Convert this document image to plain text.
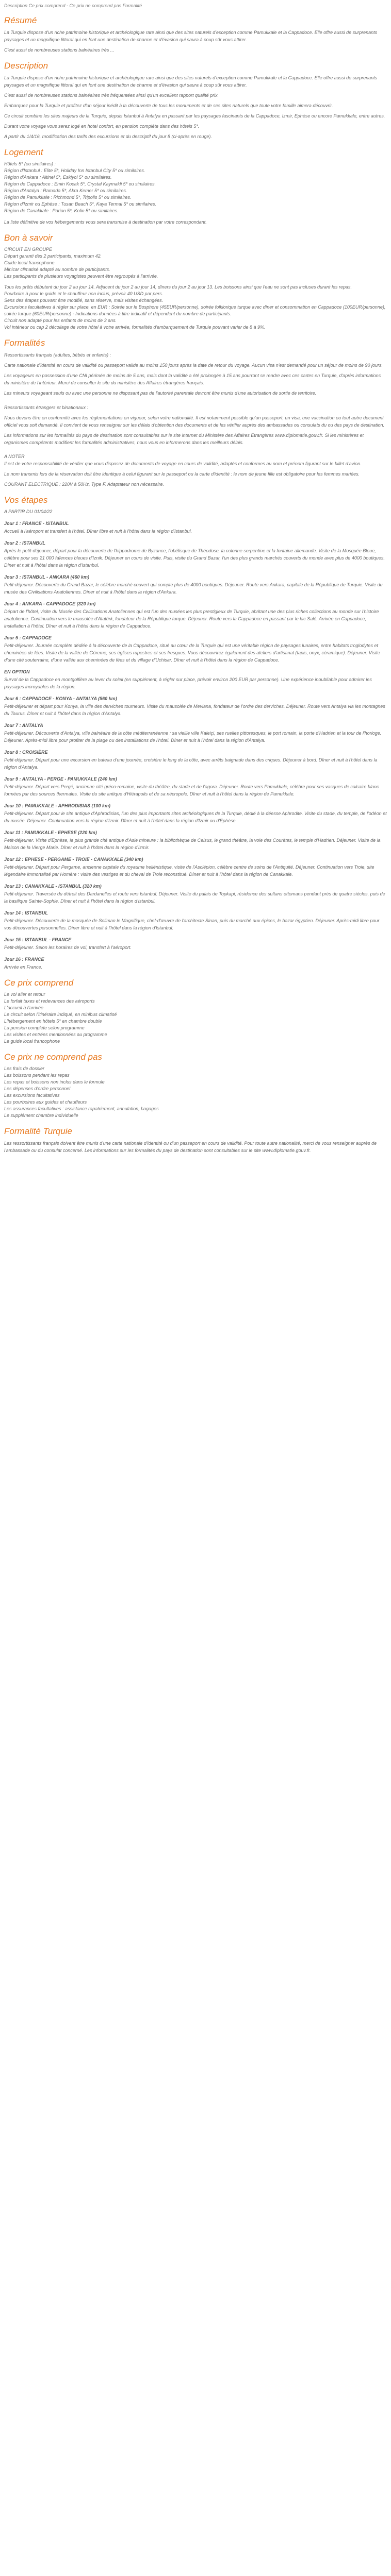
Description Ce prix comprend - Ce prix ne comprend pas Formalité
Résumé

La Turquie dispose d'un riche patrimoine historique et archéologique rare ainsi que des sites naturels d'exception comme Pamukkale et la Cappadoce. Elle offre aussi de surprenants paysages et un magnifique littoral qui en font une destination de charme et d'évasion qui saura à coup sûr vous attirer.

C'est aussi de nombreuses stations balnéaires très ...

Description

La Turquie dispose d'un riche patrimoine historique et archéologique rare ainsi que des sites naturels d'exception comme Pamukkale et la Cappadoce. Elle offre aussi de surprenants paysages et un magnifique littoral qui en font une destination de charme et d'évasion qui saura à coup sûr vous attirer.

C'est aussi de nombreuses stations balnéaires très fréquentées ainsi qu'un excellent rapport qualité prix.

Embarquez pour la Turquie et profitez d'un séjour inédit à la découverte de tous les monuments et de ses sites naturels que toute votre famille aimera découvrir.

Ce circuit combine les sites majeurs de la Turquie, depuis Istanbul à Antalya en passant par les paysages fascinants de la Cappadoce, Izmir, Ephèse ou encore Pamukkale, entre autres.

Durant votre voyage vous serez logé en hotel confort, en pension complète dans des hôtels 5*.

A partir du 1/4/16, modification des tarifs des excursions et du descriptif du jour 8 (ci-après en rouge).

Logement

Hôtels 5* (ou similaires) :

Région d'Istanbul : Elite 5*, Holiday Inn Istanbul City 5* ou similaires.

Région d'Ankara : Altinel 5*, Eskiyol 5* ou similaires.

Région de Cappadoce : Emin Kocak 5*, Crystal Kaymakli 5* ou similaires.

Région d'Antalya : Ramada 5*, Akra Kemer 5* ou similaires.

Région de Pamukkale : Richmond 5*, Tripolis 5* ou similaires.

Région d'Izmir ou Ephèse : Tusan Beach 5*, Kaya Termal 5* ou similaires.

Région de Canakkale : Parion 5*, Kolin 5* ou similaires.

La liste définitive de vos hébergements vous sera transmise à destination par votre correspondant.

Bon à savoir

CIRCUIT EN GROUPE

Départ garanti dès 2 participants, maximum 42.

Guide local francophone.

Minicar climatisé adapté au nombre de participants.

Les participants de plusieurs voyagistes peuvent être regroupés à l'arrivée.

Tous les prêts débutent du jour 2 au jour 14. Adjacent du jour 2 au jour 14, dîners du jour 2 au jour 13. Les boissons ainsi que l'eau ne sont pas incluses durant les repas.

Pourboire à pour le guide et le chauffeur non inclus, prévoir 40 USD par pers.

Sens des étapes pouvant être modifié, sans réserve, mais visites échangées.

Excursions facultatives à régler sur place, en EUR : Soirée sur le Bosphore (45EUR/personne), soirée folklorique turque avec dîner et consommation en Cappadoce (100EUR/personne), soirée turque (60EUR/personne) - Indications données à titre indicatif et dépendent du nombre de participants.

Circuit non adapté pour les enfants de moins de 3 ans.

Vol intérieur ou cap 2 décollage de votre hôtel à votre arrivée, formalités d'embarquement de Turquie pouvant varier de 8 à 9%.

Formalités

Ressortissants français (adultes, bébés et enfants) :

Carte nationale d'identité en cours de validité ou passeport valide au moins 150 jours après la date de retour du voyage. Aucun visa n'est demandé pour un séjour de moins de 90 jours.

Les voyageurs en possession d'une CNI périmée de moins de 5 ans, mais dont la validité a été prolongée à 15 ans pourront se rendre avec ces cartes en Turquie, d'après informations du ministère de l'intérieur. Merci de consulter le site du ministère des Affaires étrangères français.

Les mineurs voyageant seuls ou avec une personne ne disposant pas de l'autorité parentale devront être munis d'une autorisation de sortie de territoire.

Ressortissants étrangers et binationaux :

Nous devons être en conformité avec les réglementations en vigueur, selon votre nationalité. Il est notamment possible qu'un passeport, un visa, une vaccination ou tout autre document officiel vous soit demandé. Il convient de vous renseigner sur les délais d'obtention des documents et de les vérifier auprès des ambassades ou consulats du ou des pays de destination.

Les informations sur les formalités du pays de destination sont consultables sur le site internet du Ministère des Affaires Etrangères www.diplomatie.gouv.fr. Si les ministères et organismes compétents modifient les formalités administratives, nous vous en informerons dans les meilleurs délais.

A NOTER

Il est de votre responsabilité de vérifier que vous disposez de documents de voyage en cours de validité, adaptés et conformes au nom et prénom figurant sur le billet d'avion.

Le nom transmis lors de la réservation doit être identique à celui figurant sur le passeport ou la carte d'identité : le nom de jeune fille est obligatoire pour les femmes mariées.

COURANT ELECTRIQUE : 220V à 50Hz, Type F. Adaptateur non nécessaire.

Vos étapes

A PARTIR DU 01/04/22

Jour 1 : FRANCE - ISTANBUL

Accueil à l'aéroport et transfert à l'hôtel. Dîner libre et nuit à l'hôtel dans la région d'Istanbul.

Jour 2 : ISTANBUL

Après le petit-déjeuner, départ pour la découverte de l'hippodrome de Byzance, l'obélisque de Théodose, la colonne serpentine et la fontaine allemande. Visite de la Mosquée Bleue, célèbre pour ses 21 000 faïences bleues d'Iznik. Déjeuner en cours de visite. Puis, visite du Grand Bazar, l'un des plus grands marchés couverts du monde avec plus de 4000 boutiques. Dîner et nuit à l'hôtel dans la région d'Istanbul.

Jour 3 : ISTANBUL - ANKARA (460 km)

Petit-déjeuner. Découverte du Grand Bazar, le célèbre marché couvert qui compte plus de 4000 boutiques. Déjeuner. Route vers Ankara, capitale de la République de Turquie. Visite du musée des Civilisations Anatoliennes. Dîner et nuit à l'hôtel dans la région d'Ankara.

Jour 4 : ANKARA - CAPPADOCE (320 km)

Départ de l'hôtel, visite du Musée des Civilisations Anatoliennes qui est l'un des musées les plus prestigieux de Turquie, abritant une des plus riches collections au monde sur l'histoire anatolienne. Continuation vers le mausolée d'Atatürk, fondateur de la République turque. Déjeuner. Route vers la Cappadoce en passant par le lac Salé. Arrivée en Cappadoce, installation à l'hôtel. Dîner et nuit à l'hôtel dans la région de Cappadoce.

Jour 5 : CAPPADOCE

Petit-déjeuner. Journée complète dédiée à la découverte de la Cappadoce, situé au cœur de la Turquie qui est une véritable région de paysages lunaires, entre habitats troglodytes et cheminées de fées. Visite de la vallée de Göreme, ses églises rupestres et ses fresques. Vous découvrirez également des ateliers d'artisanat (tapis, onyx, céramique). Déjeuner. Visite d'une cité souterraine, d'une vallée aux cheminées de fées et du village d'Uchisar. Dîner et nuit à l'hôtel dans la région de Cappadoce.

EN OPTION

Survol de la Cappadoce en montgolfière au lever du soleil (en supplément, à régler sur place, prévoir environ 200 EUR par personne). Une expérience inoubliable pour admirer les paysages incroyables de la région.

Jour 6 : CAPPADOCE - KONYA - ANTALYA (560 km)

Petit-déjeuner et départ pour Konya, la ville des derviches tourneurs. Visite du mausolée de Mevlana, fondateur de l'ordre des derviches. Déjeuner. Route vers Antalya via les montagnes du Taurus. Dîner et nuit à l'hôtel dans la région d'Antalya.

Jour 7 : ANTALYA

Petit-déjeuner. Découverte d'Antalya, ville balnéaire de la côte méditerranéenne : sa vieille ville Kaleiçi, ses ruelles pittoresques, le port romain, la porte d'Hadrien et la tour de l'horloge. Déjeuner. Après-midi libre pour profiter de la plage ou des installations de l'hôtel. Dîner et nuit à l'hôtel dans la région d'Antalya.

Jour 8 : CROISIÈRE

Petit-déjeuner. Départ pour une excursion en bateau d'une journée, croisière le long de la côte, avec arrêts baignade dans des criques. Déjeuner à bord. Dîner et nuit à l'hôtel dans la région d'Antalya.

Jour 9 : ANTALYA - PERGE - PAMUKKALE (240 km)

Petit-déjeuner. Départ vers Pergé, ancienne cité gréco-romaine, visite du théâtre, du stade et de l'agora. Déjeuner. Route vers Pamukkale, célèbre pour ses vasques de calcaire blanc formées par des sources thermales. Visite du site antique d'Hiérapolis et de sa nécropole. Dîner et nuit à l'hôtel dans la région de Pamukkale.

Jour 10 : PAMUKKALE - APHRODISIAS (100 km)

Petit-déjeuner. Départ pour le site antique d'Aphrodisias, l'un des plus importants sites archéologiques de la Turquie, dédié à la déesse Aphrodite. Visite du stade, du temple, de l'odéon et du musée. Déjeuner. Continuation vers la région d'Izmir. Dîner et nuit à l'hôtel dans la région d'Izmir ou d'Ephèse.

Jour 11 : PAMUKKALE - EPHESE (220 km)

Petit-déjeuner. Visite d'Ephèse, la plus grande cité antique d'Asie mineure : la bibliothèque de Celsus, le grand théâtre, la voie des Courètes, le temple d'Hadrien. Déjeuner. Visite de la Maison de la Vierge Marie. Dîner et nuit à l'hôtel dans la région d'Izmir.

Jour 12 : EPHESE - PERGAME - TROIE - CANAKKALE (340 km)

Petit-déjeuner. Départ pour Pergame, ancienne capitale du royaume hellénistique, visite de l'Asclépion, célèbre centre de soins de l'Antiquité. Déjeuner. Continuation vers Troie, site légendaire immortalisé par Homère : visite des vestiges et du cheval de Troie reconstitué. Dîner et nuit à l'hôtel dans la région de Canakkale.

Jour 13 : CANAKKALE - ISTANBUL (320 km)

Petit-déjeuner. Traversée du détroit des Dardanelles et route vers Istanbul. Déjeuner. Visite du palais de Topkapi, résidence des sultans ottomans pendant près de quatre siècles, puis de la basilique Sainte-Sophie. Dîner et nuit à l'hôtel dans la région d'Istanbul.

Jour 14 : ISTANBUL

Petit-déjeuner. Découverte de la mosquée de Soliman le Magnifique, chef-d'œuvre de l'architecte Sinan, puis du marché aux épices, le bazar égyptien. Déjeuner. Après-midi libre pour vos découvertes personnelles. Dîner libre et nuit à l'hôtel dans la région d'Istanbul.

Jour 15 : ISTANBUL - FRANCE

Petit-déjeuner. Selon les horaires de vol, transfert à l'aéroport.

Jour 16 : FRANCE

Arrivée en France.

Ce prix comprend

Le vol aller et retour

Le forfait taxes et redevances des aéroports

L'accueil à l'arrivée

Le circuit selon l'itinéraire indiqué, en minibus climatisé

L'hébergement en hôtels 5* en chambre double

La pension complète selon programme

Les visites et entrées mentionnées au programme

Le guide local francophone

Ce prix ne comprend pas

Les frais de dossier

Les boissons pendant les repas

Les repas et boissons non inclus dans le formule

Les dépenses d'ordre personnel

Les excursions facultatives

Les pourboires aux guides et chauffeurs

Les assurances facultatives : assistance rapatriement, annulation, bagages

Le supplément chambre individuelle

Formalité Turquie

Les ressortissants français doivent être munis d'une carte nationale d'identité ou d'un passeport en cours de validité. Pour toute autre nationalité, merci de vous renseigner auprès de l'ambassade ou du consulat concerné. Les informations sur les formalités du pays de destination sont consultables sur le site www.diplomatie.gouv.fr.
